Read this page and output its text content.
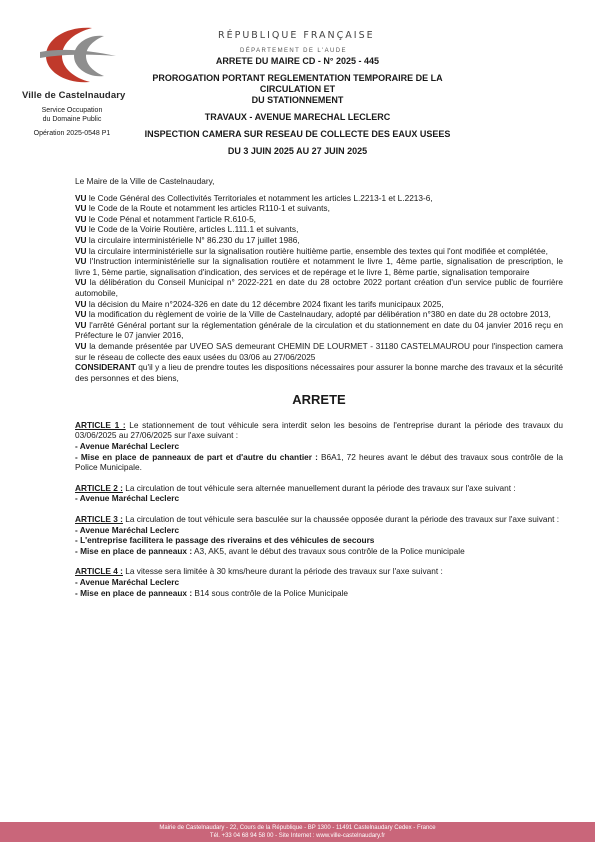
Ville de Castelnaudary
Service Occupation
du Domaine Public
Opération 2025-0548 P1
RÉPUBLIQUE FRANÇAISE
DÉPARTEMENT DE L'AUDE

ARRETE DU MAIRE CD - N° 2025 - 445

PROROGATION PORTANT REGLEMENTATION TEMPORAIRE DE LA CIRCULATION ET

DU STATIONNEMENT

TRAVAUX - AVENUE MARECHAL LECLERC

INSPECTION CAMERA SUR RESEAU DE COLLECTE DES EAUX USEES

DU 3 JUIN 2025 AU 27 JUIN 2025

Le Maire de la Ville de Castelnaudary,

VU le Code Général des Collectivités Territoriales et notamment les articles L.2213-1 et L.2213-6,

VU le Code de la Route et notamment les articles R110-1 et suivants,

VU le Code Pénal et notamment l'article R.610-5,

VU le Code de la Voirie Routière, articles L.111.1 et suivants,

VU la circulaire interministérielle N° 86.230 du 17 juillet 1986,

VU la circulaire interministérielle sur la signalisation routière huitième partie, ensemble des textes qui l'ont modifiée et complétée,

VU l'Instruction interministérielle sur la signalisation routière et notamment le livre 1, 4ème partie, signalisation de prescription, le livre 1, 5ème partie, signalisation d'indication, des services et de repérage et le livre 1, 8ème partie, signalisation temporaire

VU la délibération du Conseil Municipal n° 2022-221 en date du 28 octobre 2022 portant création d'un service public de fourrière automobile,

VU la décision du Maire n°2024-326 en date du 12 décembre 2024 fixant les tarifs municipaux 2025,

VU la modification du règlement de voirie de la Ville de Castelnaudary, adopté par délibération n°380 en date du 28 octobre 2013,

VU l'arrêté Général portant sur la réglementation générale de la circulation et du stationnement en date du 04 janvier 2016 reçu en Préfecture le 07 janvier 2016,

VU la demande présentée par UVEO SAS demeurant CHEMIN DE LOURMET - 31180 CASTELMAUROU pour l'inspection camera sur le réseau de collecte des eaux usées du 03/06 au 27/06/2025

CONSIDERANT qu'il y a lieu de prendre toutes les dispositions nécessaires pour assurer la bonne marche des travaux et la sécurité des personnes et des biens,

ARRETE

ARTICLE 1 : Le stationnement de tout véhicule sera interdit selon les besoins de l'entreprise durant la période des travaux du 03/06/2025 au 27/06/2025 sur l'axe suivant :

- Avenue Maréchal Leclerc

- Mise en place de panneaux de part et d'autre du chantier : B6A1, 72 heures avant le début des travaux sous contrôle de la Police Municipale.

ARTICLE 2 : La circulation de tout véhicule sera alternée manuellement durant la période des travaux sur l'axe suivant :

- Avenue Maréchal Leclerc

ARTICLE 3 : La circulation de tout véhicule sera basculée sur la chaussée opposée durant la période des travaux sur l'axe suivant :

- Avenue Maréchal Leclerc

- L'entreprise facilitera le passage des riverains et des véhicules de secours

- Mise en place de panneaux : A3, AK5, avant le début des travaux sous contrôle de la Police municipale

ARTICLE 4 : La vitesse sera limitée à 30 kms/heure durant la période des travaux sur l'axe suivant :

- Avenue Maréchal Leclerc

- Mise en place de panneaux : B14 sous contrôle de la Police Municipale

Mairie de Castelnaudary - 22, Cours de la République - BP 1300 - 11491 Castelnaudary Cedex - France
Tél. +33 04 68 94 58 00 - Site Internet : www.ville-castelnaudary.fr
